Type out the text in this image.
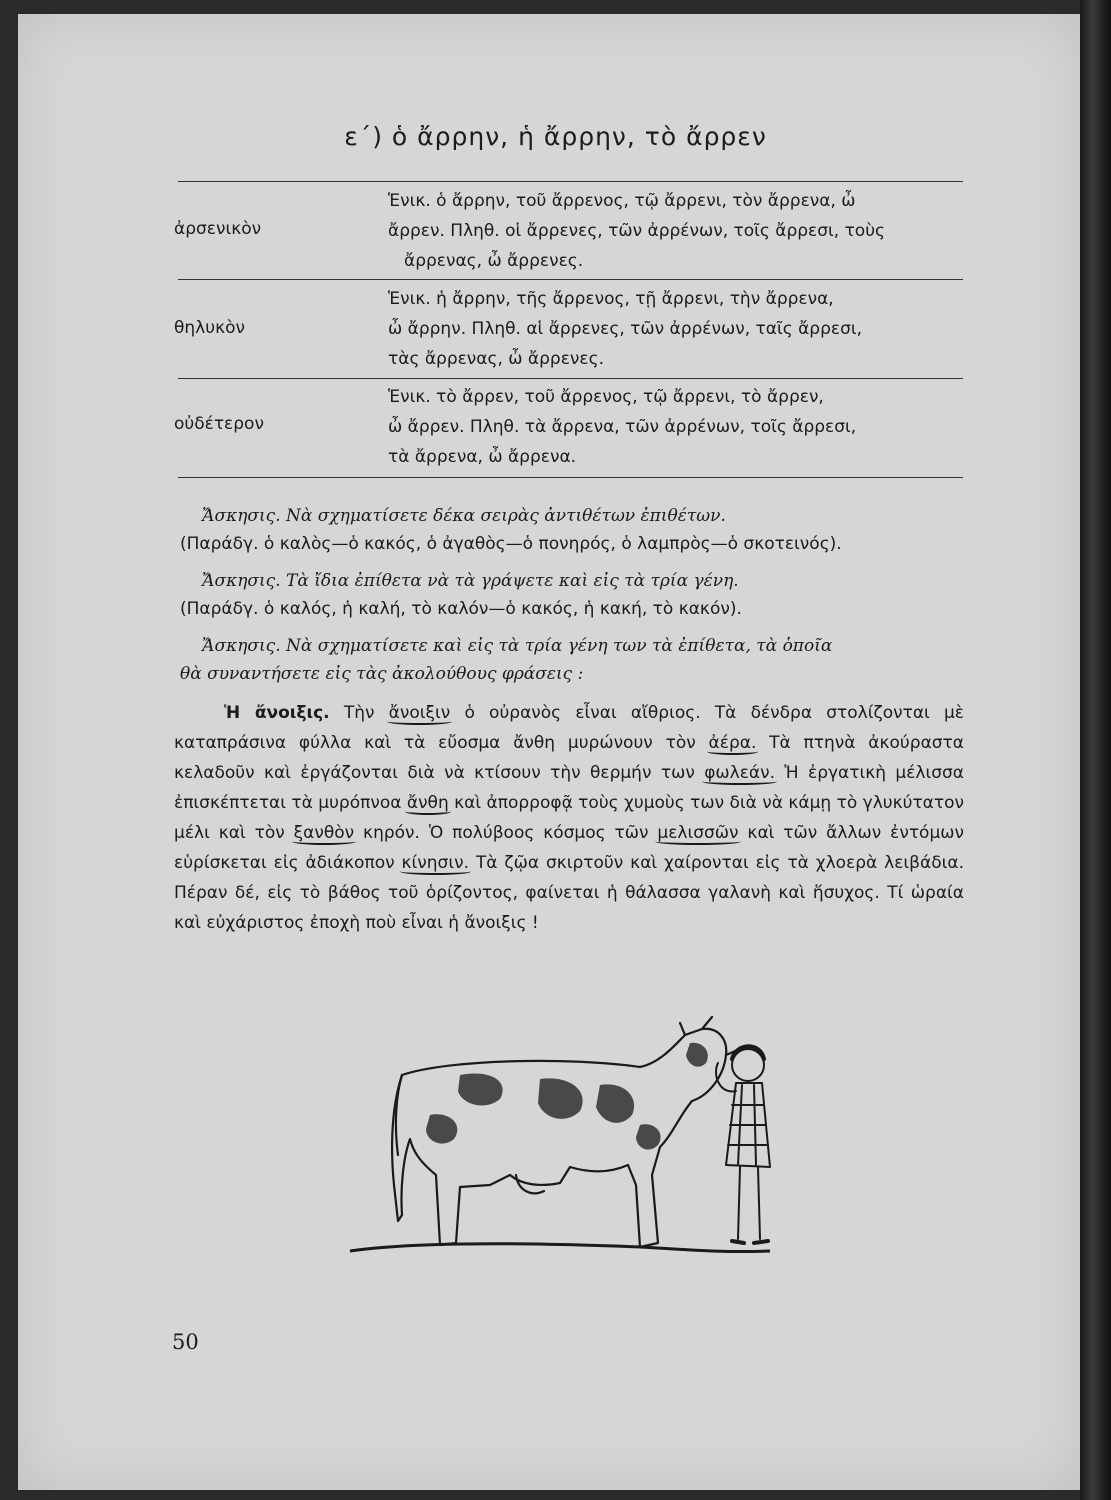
ε΄) ὁ ἄρρην, ἡ ἄρρην, τὸ ἄρρεν
ἀρσενικὸν

Ἑνικ. ὁ ἄρρην, τοῦ ἄρρενος, τῷ ἄρρενι, τὸν ἄρρενα, ὦ

ἄρρεν. Πληθ. οἱ ἄρρενες, τῶν ἀρρένων, τοῖς ἄρρεσι, τοὺς

ἄρρενας, ὦ ἄρρενες.

θηλυκὸν

Ἑνικ. ἡ ἄρρην, τῆς ἄρρενος, τῇ ἄρρενι, τὴν ἄρρενα,

ὦ ἄρρην. Πληθ. αἱ ἄρρενες, τῶν ἀρρένων, ταῖς ἄρρεσι,

τὰς ἄρρενας, ὦ ἄρρενες.

οὐδέτερον

Ἑνικ. τὸ ἄρρεν, τοῦ ἄρρενος, τῷ ἄρρενι, τὸ ἄρρεν,

ὦ ἄρρεν. Πληθ. τὰ ἄρρενα, τῶν ἀρρένων, τοῖς ἄρρεσι,

τὰ ἄρρενα, ὦ ἄρρενα.

Ἄσκησις. Νὰ σχηματίσετε δέκα σειρὰς ἀντιθέτων ἐπιθέτων.

(Παράδγ. ὁ καλὸς—ὁ κακός, ὁ ἀγαθὸς—ὁ πονηρός, ὁ λαμπρὸς—ὁ σκοτεινός).

Ἄσκησις. Τὰ ἴδια ἐπίθετα νὰ τὰ γράψετε καὶ εἰς τὰ τρία γένη.

(Παράδγ. ὁ καλός, ἡ καλή, τὸ καλόν—ὁ κακός, ἡ κακή, τὸ κακόν).

Ἄσκησις. Νὰ σχηματίσετε καὶ εἰς τὰ τρία γένη των τὰ ἐπίθετα, τὰ ὁποῖα

θὰ συναντήσετε εἰς τὰς ἀκολούθους φράσεις :

Ἡ ἄνοιξις. Τὴν ἄνοιξιν ὁ οὐρανὸς εἶναι αἴθριος. Τὰ δένδρα στολίζονται μὲ καταπράσινα φύλλα καὶ τὰ εὔοσμα ἄνθη μυρώνουν τὸν ἀέρα. Τὰ πτηνὰ ἀκούραστα κελαδοῦν καὶ ἐργάζονται διὰ νὰ κτίσουν τὴν θερμήν των φωλεάν. Ἡ ἐργατικὴ μέλισσα ἐπισκέπτεται τὰ μυρόπνοα ἄνθη καὶ ἀπορροφᾷ τοὺς χυμοὺς των διὰ νὰ κάμῃ τὸ γλυκύτατον μέλι καὶ τὸν ξανθὸν κηρόν. Ὁ πολύβοος κόσμος τῶν μελισσῶν καὶ τῶν ἄλλων ἐντόμων εὑρίσκεται εἰς ἀδιάκοπον κίνησιν. Τὰ ζῷα σκιρτοῦν καὶ χαίρονται εἰς τὰ χλοερὰ λειβάδια. Πέραν δέ, εἰς τὸ βάθος τοῦ ὁρίζοντος, φαίνεται ἡ θάλασσα γαλανὴ καὶ ἥσυχος. Τί ὡραία καὶ εὐχάριστος ἐποχὴ ποὺ εἶναι ἡ ἄνοιξις !
50
